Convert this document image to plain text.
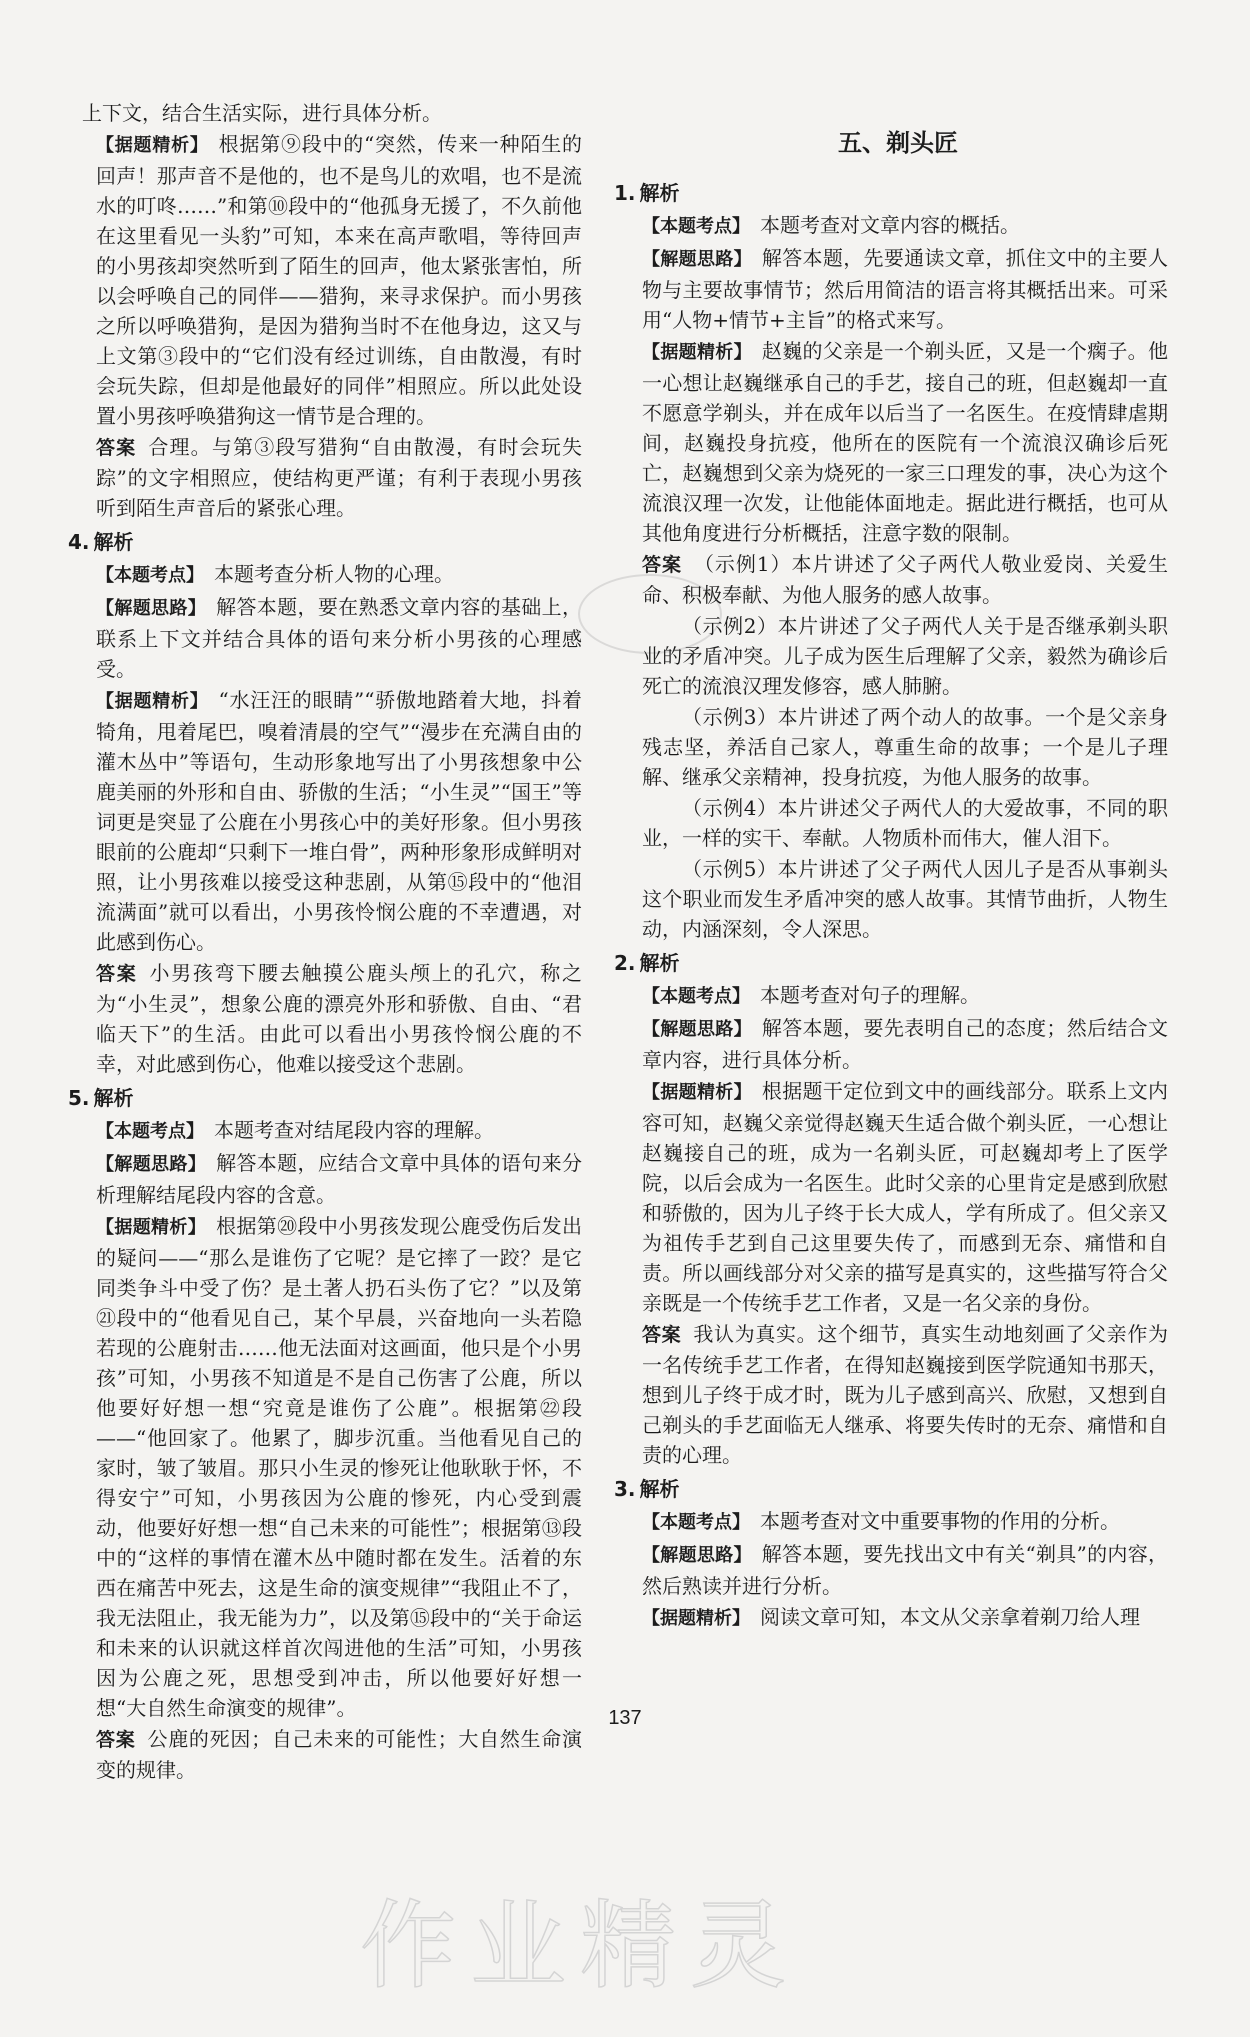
上下文，结合生活实际，进行具体分析。

【据题精析】 根据第⑨段中的“突然，传来一种陌生的回声！那声音不是他的，也不是鸟儿的欢唱，也不是流水的叮咚……”和第⑩段中的“他孤身无援了，不久前他在这里看见一头豹”可知，本来在高声歌唱，等待回声的小男孩却突然听到了陌生的回声，他太紧张害怕，所以会呼唤自己的同伴——猎狗，来寻求保护。而小男孩之所以呼唤猎狗，是因为猎狗当时不在他身边，这又与上文第③段中的“它们没有经过训练，自由散漫，有时会玩失踪，但却是他最好的同伴”相照应。所以此处设置小男孩呼唤猎狗这一情节是合理的。

答案 合理。与第③段写猎狗“自由散漫，有时会玩失踪”的文字相照应，使结构更严谨；有利于表现小男孩听到陌生声音后的紧张心理。

4. 解析

【本题考点】 本题考查分析人物的心理。

【解题思路】 解答本题，要在熟悉文章内容的基础上，联系上下文并结合具体的语句来分析小男孩的心理感受。

【据题精析】 “水汪汪的眼睛”“骄傲地踏着大地，抖着犄角，甩着尾巴，嗅着清晨的空气”“漫步在充满自由的灌木丛中”等语句，生动形象地写出了小男孩想象中公鹿美丽的外形和自由、骄傲的生活；“小生灵”“国王”等词更是突显了公鹿在小男孩心中的美好形象。但小男孩眼前的公鹿却“只剩下一堆白骨”，两种形象形成鲜明对照，让小男孩难以接受这种悲剧，从第⑮段中的“他泪流满面”就可以看出，小男孩怜悯公鹿的不幸遭遇，对此感到伤心。

答案 小男孩弯下腰去触摸公鹿头颅上的孔穴，称之为“小生灵”，想象公鹿的漂亮外形和骄傲、自由、“君临天下”的生活。由此可以看出小男孩怜悯公鹿的不幸，对此感到伤心，他难以接受这个悲剧。

5. 解析

【本题考点】 本题考查对结尾段内容的理解。

【解题思路】 解答本题，应结合文章中具体的语句来分析理解结尾段内容的含意。

【据题精析】 根据第⑳段中小男孩发现公鹿受伤后发出的疑问——“那么是谁伤了它呢？是它摔了一跤？是它同类争斗中受了伤？是土著人扔石头伤了它？”以及第㉑段中的“他看见自己，某个早晨，兴奋地向一头若隐若现的公鹿射击……他无法面对这画面，他只是个小男孩”可知，小男孩不知道是不是自己伤害了公鹿，所以他要好好想一想“究竟是谁伤了公鹿”。根据第㉒段——“他回家了。他累了，脚步沉重。当他看见自己的家时，皱了皱眉。那只小生灵的惨死让他耿耿于怀，不得安宁”可知，小男孩因为公鹿的惨死，内心受到震动，他要好好想一想“自己未来的可能性”；根据第⑬段中的“这样的事情在灌木丛中随时都在发生。活着的东西在痛苦中死去，这是生命的演变规律”“我阻止不了，我无法阻止，我无能为力”，以及第⑮段中的“关于命运和未来的认识就这样首次闯进他的生活”可知，小男孩因为公鹿之死，思想受到冲击，所以他要好好想一想“大自然生命演变的规律”。

答案 公鹿的死因；自己未来的可能性；大自然生命演变的规律。

五、剃头匠
1. 解析

【本题考点】 本题考查对文章内容的概括。

【解题思路】 解答本题，先要通读文章，抓住文中的主要人物与主要故事情节；然后用简洁的语言将其概括出来。可采用“人物+情节+主旨”的格式来写。

【据题精析】 赵巍的父亲是一个剃头匠，又是一个瘸子。他一心想让赵巍继承自己的手艺，接自己的班，但赵巍却一直不愿意学剃头，并在成年以后当了一名医生。在疫情肆虐期间，赵巍投身抗疫，他所在的医院有一个流浪汉确诊后死亡，赵巍想到父亲为烧死的一家三口理发的事，决心为这个流浪汉理一次发，让他能体面地走。据此进行概括，也可从其他角度进行分析概括，注意字数的限制。

答案 （示例1）本片讲述了父子两代人敬业爱岗、关爱生命、积极奉献、为他人服务的感人故事。

（示例2）本片讲述了父子两代人关于是否继承剃头职业的矛盾冲突。儿子成为医生后理解了父亲，毅然为确诊后死亡的流浪汉理发修容，感人肺腑。

（示例3）本片讲述了两个动人的故事。一个是父亲身残志坚，养活自己家人，尊重生命的故事；一个是儿子理解、继承父亲精神，投身抗疫，为他人服务的故事。

（示例4）本片讲述父子两代人的大爱故事，不同的职业，一样的实干、奉献。人物质朴而伟大，催人泪下。

（示例5）本片讲述了父子两代人因儿子是否从事剃头这个职业而发生矛盾冲突的感人故事。其情节曲折，人物生动，内涵深刻，令人深思。

2. 解析

【本题考点】 本题考查对句子的理解。

【解题思路】 解答本题，要先表明自己的态度；然后结合文章内容，进行具体分析。

【据题精析】 根据题干定位到文中的画线部分。联系上文内容可知，赵巍父亲觉得赵巍天生适合做个剃头匠，一心想让赵巍接自己的班，成为一名剃头匠，可赵巍却考上了医学院，以后会成为一名医生。此时父亲的心里肯定是感到欣慰和骄傲的，因为儿子终于长大成人，学有所成了。但父亲又为祖传手艺到自己这里要失传了，而感到无奈、痛惜和自责。所以画线部分对父亲的描写是真实的，这些描写符合父亲既是一个传统手艺工作者，又是一名父亲的身份。

答案 我认为真实。这个细节，真实生动地刻画了父亲作为一名传统手艺工作者，在得知赵巍接到医学院通知书那天，想到儿子终于成才时，既为儿子感到高兴、欣慰，又想到自己剃头的手艺面临无人继承、将要失传时的无奈、痛惜和自责的心理。

3. 解析

【本题考点】 本题考查对文中重要事物的作用的分析。

【解题思路】 解答本题，要先找出文中有关“剃具”的内容，然后熟读并进行分析。

【据题精析】 阅读文章可知，本文从父亲拿着剃刀给人理

137
作业精灵
